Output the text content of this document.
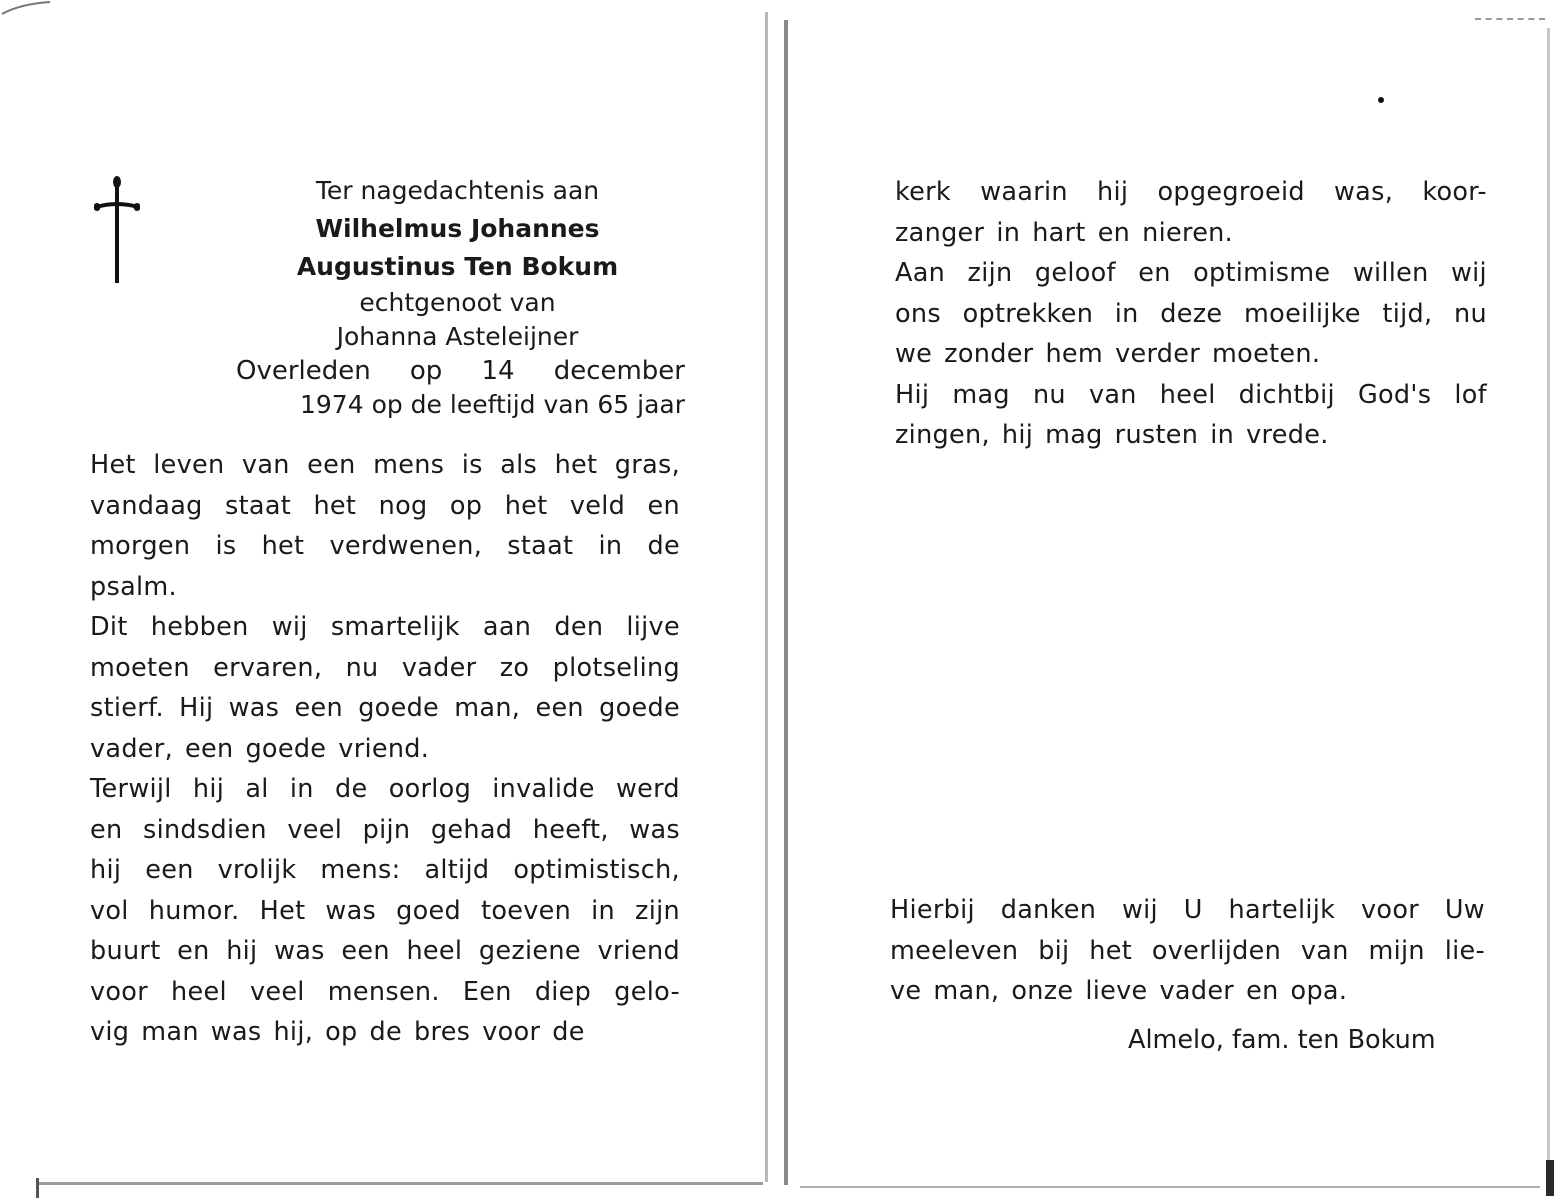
Ter nagedachtenis aan
Wilhelmus Johannes
Augustinus Ten Bokum
echtgenoot van
Johanna Asteleijner
Overleden op 14 december
1974 op de leeftijd van 65 jaar
Het leven van een mens is als het gras,
vandaag staat het nog op het veld en
morgen is het verdwenen, staat in de
psalm.
Dit hebben wij smartelijk aan den lijve
moeten ervaren, nu vader zo plotseling
stierf. Hij was een goede man, een goede
vader, een goede vriend.
Terwijl hij al in de oorlog invalide werd
en sindsdien veel pijn gehad heeft, was
hij een vrolijk mens: altijd optimistisch,
vol humor. Het was goed toeven in zijn
buurt en hij was een heel geziene vriend
voor heel veel mensen. Een diep gelo-
vig man was hij, op de bres voor de
kerk waarin hij opgegroeid was, koor-
zanger in hart en nieren.
Aan zijn geloof en optimisme willen wij
ons optrekken in deze moeilijke tijd, nu
we zonder hem verder moeten.
Hij mag nu van heel dichtbij God's lof
zingen, hij mag rusten in vrede.
Hierbij danken wij U hartelijk voor Uw
meeleven bij het overlijden van mijn lie-
ve man, onze lieve vader en opa.
Almelo, fam. ten Bokum
